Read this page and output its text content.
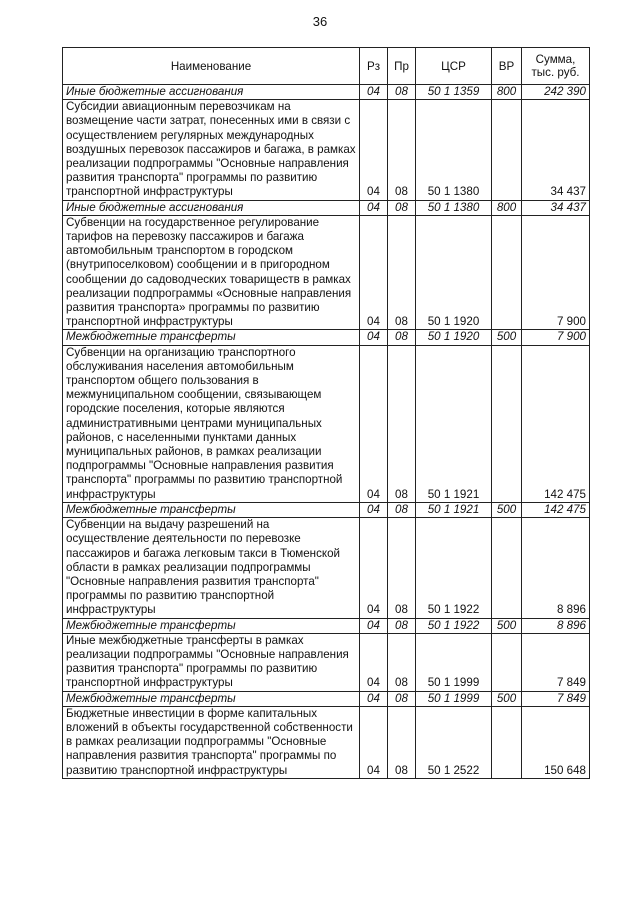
36
Наименование	Рз	Пр	ЦСР	ВР	Сумма, тыс. руб.
Иные бюджетные ассигнования	04	08	50 1 1359	800	242 390
Субсидии авиационным перевозчикам на возмещение части затрат, понесенных ими в связи с осуществлением регулярных международных воздушных перевозок пассажиров и багажа, в рамках реализации подпрограммы "Основные направления развития транспорта" программы по развитию транспортной инфраструктуры	04	08	50 1 1380		34 437
Иные бюджетные ассигнования	04	08	50 1 1380	800	34 437
Субвенции на государственное регулирование тарифов на перевозку пассажиров и багажа автомобильным транспортом в городском (внутрипоселковом) сообщении и в пригородном сообщении до садоводческих товариществ в рамках реализации подпрограммы «Основные направления развития транспорта» программы по развитию транспортной инфраструктуры	04	08	50 1 1920		7 900
Межбюджетные трансферты	04	08	50 1 1920	500	7 900
Субвенции на организацию транспортного обслуживания населения автомобильным транспортом общего пользования в межмуниципальном сообщении, связывающем городские поселения, которые являются административными центрами муниципальных районов, с населенными пунктами данных муниципальных районов, в рамках реализации подпрограммы "Основные направления развития транспорта" программы по развитию транспортной инфраструктуры	04	08	50 1 1921		142 475
Межбюджетные трансферты	04	08	50 1 1921	500	142 475
Субвенции на выдачу разрешений на осуществление деятельности по перевозке пассажиров и багажа легковым такси в Тюменской области в рамках реализации подпрограммы "Основные направления развития транспорта" программы по развитию транспортной инфраструктуры	04	08	50 1 1922		8 896
Межбюджетные трансферты	04	08	50 1 1922	500	8 896
Иные межбюджетные трансферты в рамках реализации подпрограммы "Основные направления развития транспорта" программы по развитию транспортной инфраструктуры	04	08	50 1 1999		7 849
Межбюджетные трансферты	04	08	50 1 1999	500	7 849
Бюджетные инвестиции в форме капитальных вложений в объекты государственной собственности в рамках реализации подпрограммы "Основные направления развития транспорта" программы по развитию транспортной инфраструктуры	04	08	50 1 2522		150 648
